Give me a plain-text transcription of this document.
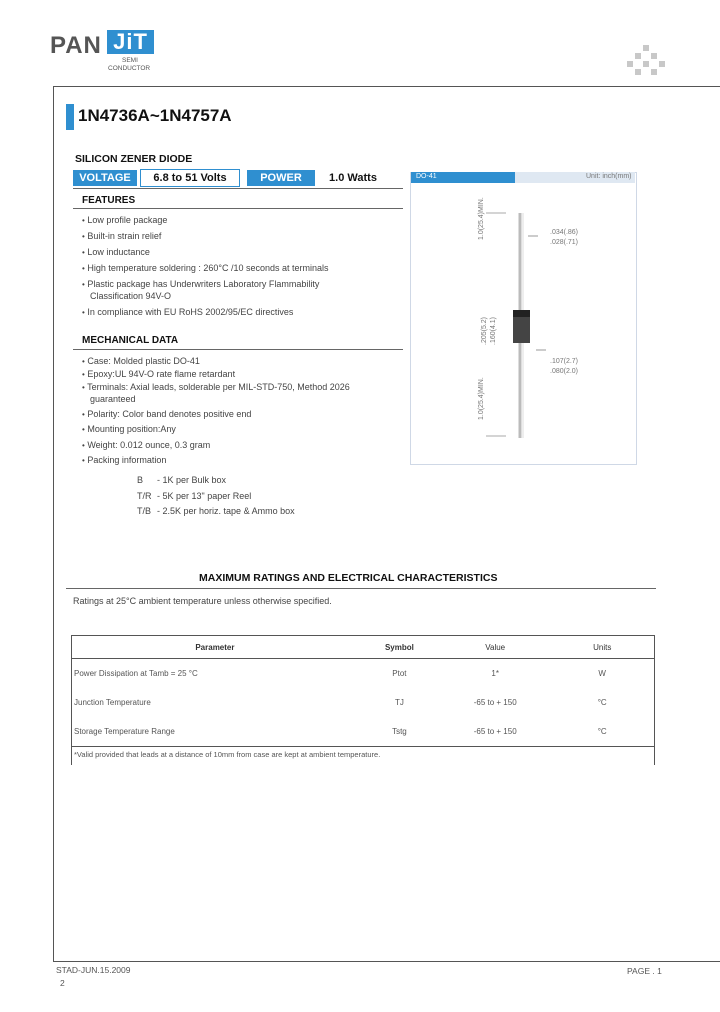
PAN JiT
SEMI
CONDUCTOR
1N4736A~1N4757A
SILICON ZENER DIODE
VOLTAGE	6.8 to 51 Volts	POWER	1.0 Watts
FEATURES
• Low profile package
• Built-in strain relief
• Low inductance
• High temperature soldering : 260°C /10 seconds at terminals
• Plastic package has Underwriters Laboratory Flammability
Classification 94V-O
• In compliance with EU RoHS 2002/95/EC directives
MECHANICAL DATA
• Case: Molded plastic DO-41
• Epoxy:UL 94V-O rate flame retardant
• Terminals: Axial leads, solderable per MIL-STD-750, Method 2026
guaranteed
• Polarity: Color band denotes positive end
• Mounting position:Any
• Weight: 0.012 ounce, 0.3 gram
• Packing information
B - 1K per Bulk box
T/R - 5K per 13" paper Reel
T/B - 2.5K per horiz. tape & Ammo box
DO-41	Unit: inch(mm)
1.0(25.4)MIN.	.034(.86)
.028(.71)
.205(5.2) .160(4.1)
.107(2.7)
.080(2.0)
1.0(25.4)MIN.
MAXIMUM RATINGS AND ELECTRICAL CHARACTERISTICS
Ratings at 25°C ambient temperature unless otherwise specified.
Parameter	Symbol	Value	Units
Power Dissipation at Tamb = 25 °C	Ptot	1*	W
Junction Temperature	TJ	-65 to + 150	°C
Storage Temperature Range	Tstg	-65 to + 150	°C
*Valid provided that leads at a distance of 10mm from case are kept at ambient temperature.			
STAD-JUN.15.2009
2
PAGE . 1
